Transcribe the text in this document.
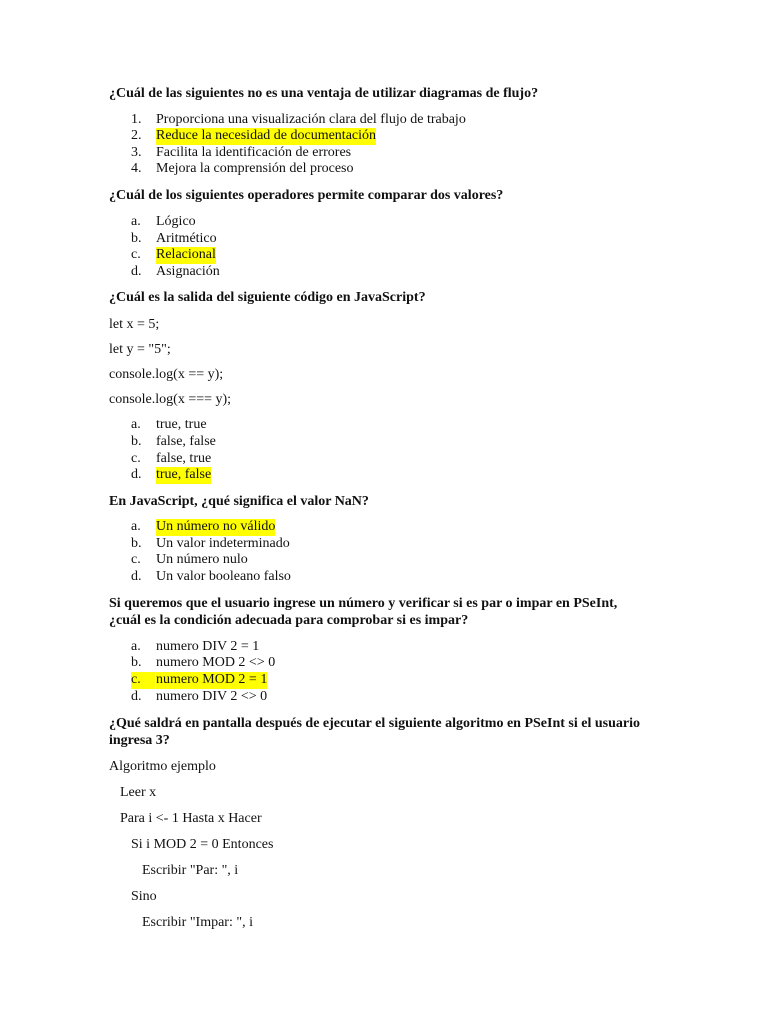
¿Cuál de las siguientes no es una ventaja de utilizar diagramas de flujo?
1. Proporciona una visualización clara del flujo de trabajo
2. Reduce la necesidad de documentación
3. Facilita la identificación de errores
4. Mejora la comprensión del proceso
¿Cuál de los siguientes operadores permite comparar dos valores?
a. Lógico
b. Aritmético
c. Relacional
d. Asignación
¿Cuál es la salida del siguiente código en JavaScript?
let x = 5;
let y = "5";
console.log(x == y);
console.log(x === y);
a. true, true
b. false, false
c. false, true
d. true, false
En JavaScript, ¿qué significa el valor NaN?
a. Un número no válido
b. Un valor indeterminado
c. Un número nulo
d. Un valor booleano falso
Si queremos que el usuario ingrese un número y verificar si es par o impar en PSeInt,
¿cuál es la condición adecuada para comprobar si es impar?
a. numero DIV 2 = 1
b. numero MOD 2 <> 0
c.	numero MOD 2 = 1
d. numero DIV 2 <> 0
¿Qué saldrá en pantalla después de ejecutar el siguiente algoritmo en PSeInt si el usuario
ingresa 3?
Algoritmo ejemplo
Leer x
Para i <- 1 Hasta x Hacer
Si i MOD 2 = 0 Entonces
Escribir "Par: ", i
Sino
Escribir "Impar: ", i
